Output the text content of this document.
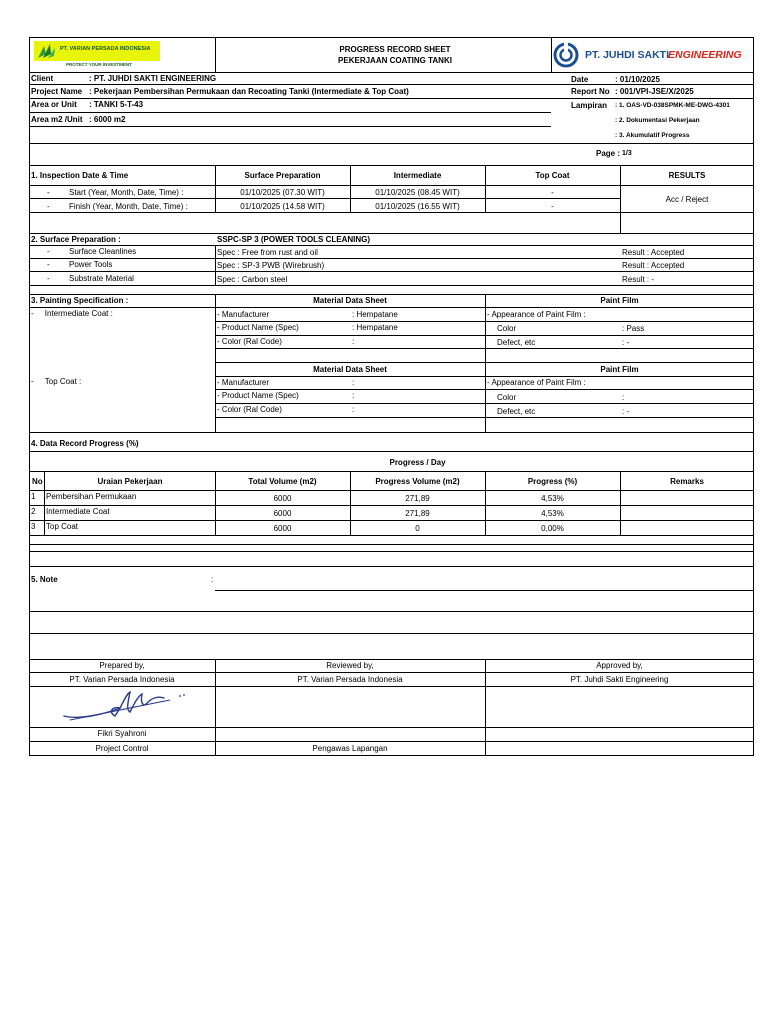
PT. VARIAN PERSADA INDONESIA
PROTECT YOUR INVESTMENT
PROGRESS RECORD SHEET
PEKERJAAN COATING TANKI	PT. JUHDI SAKTI
ENGINEERING
Client	: PT. JUHDI SAKTI ENGINEERING
Project Name : Pekerjaan Pembersihan Permukaan dan Recoating Tanki (Intermediate & Top Coat)
Area or Unit : TANKI 5-T-43
Area m2 /Unit : 6000 m2
Date	: 01/10/2025
Report No : 001/VPI-JSE/X/2025
Lampiran : 1. OAS-VD-038SPMK-ME-DWG-4301
: 2. Dokumentasi Pekerjaan
: 3. Akumulatif Progress
Page : 1/3
1. Inspection Date & Time	Surface Preparation	Intermediate	Top Coat	RESULTS
- Start (Year, Month, Date, Time) :	01/10/2025 (07.30 WIT)	01/10/2025 (08.45 WIT)	-
- Finish (Year, Month, Date, Time) :	01/10/2025 (14.58 WIT)	01/10/2025 (16.55 WIT)	-
Acc / Reject
2. Surface Preparation :	SSPC-SP 3 (POWER TOOLS CLEANING)
- Surface Cleanlines	Spec : Free from rust and oil	Result : Accepted
- Power Tools	Spec : SP-3 PWB (Wirebrush)	Result : Accepted
- Substrate Material	Spec : Carbon steel	Result : -
3. Painting Specification :	Material Data Sheet	Paint Film
-     Intermediate Coat :	- Manufacturer	: Hempatane
- Product Name (Spec)	: Hempatane
- Color (Ral Code)	:
- Appearance of Paint Film :
Color	: Pass
Defect, etc	: -
Material Data Sheet	Paint Film
-     Top Coat :	- Manufacturer	:
- Product Name (Spec)	:
- Color (Ral Code)	:
- Appearance of Paint Film :
Color	:
Defect, etc	: -
4. Data Record Progress (%)
Progress / Day
No	Uraian Pekerjaan	Total Volume (m2)	Progress Volume (m2)	Progress (%)	Remarks
1 Pembersihan Permukaan	6000	271,89	4,53%
2 Intermediate Coat	6000	271,89	4,53%
3 Top Coat	6000	0	0,00%
5. Note	:
Prepared by,	Reviewed by,	Approved by,
PT. Varian Persada Indonesia	PT. Varian Persada Indonesia	PT. Juhdi Sakti Engineering
Fikri Syahroni
Project Control	Pengawas Lapangan
